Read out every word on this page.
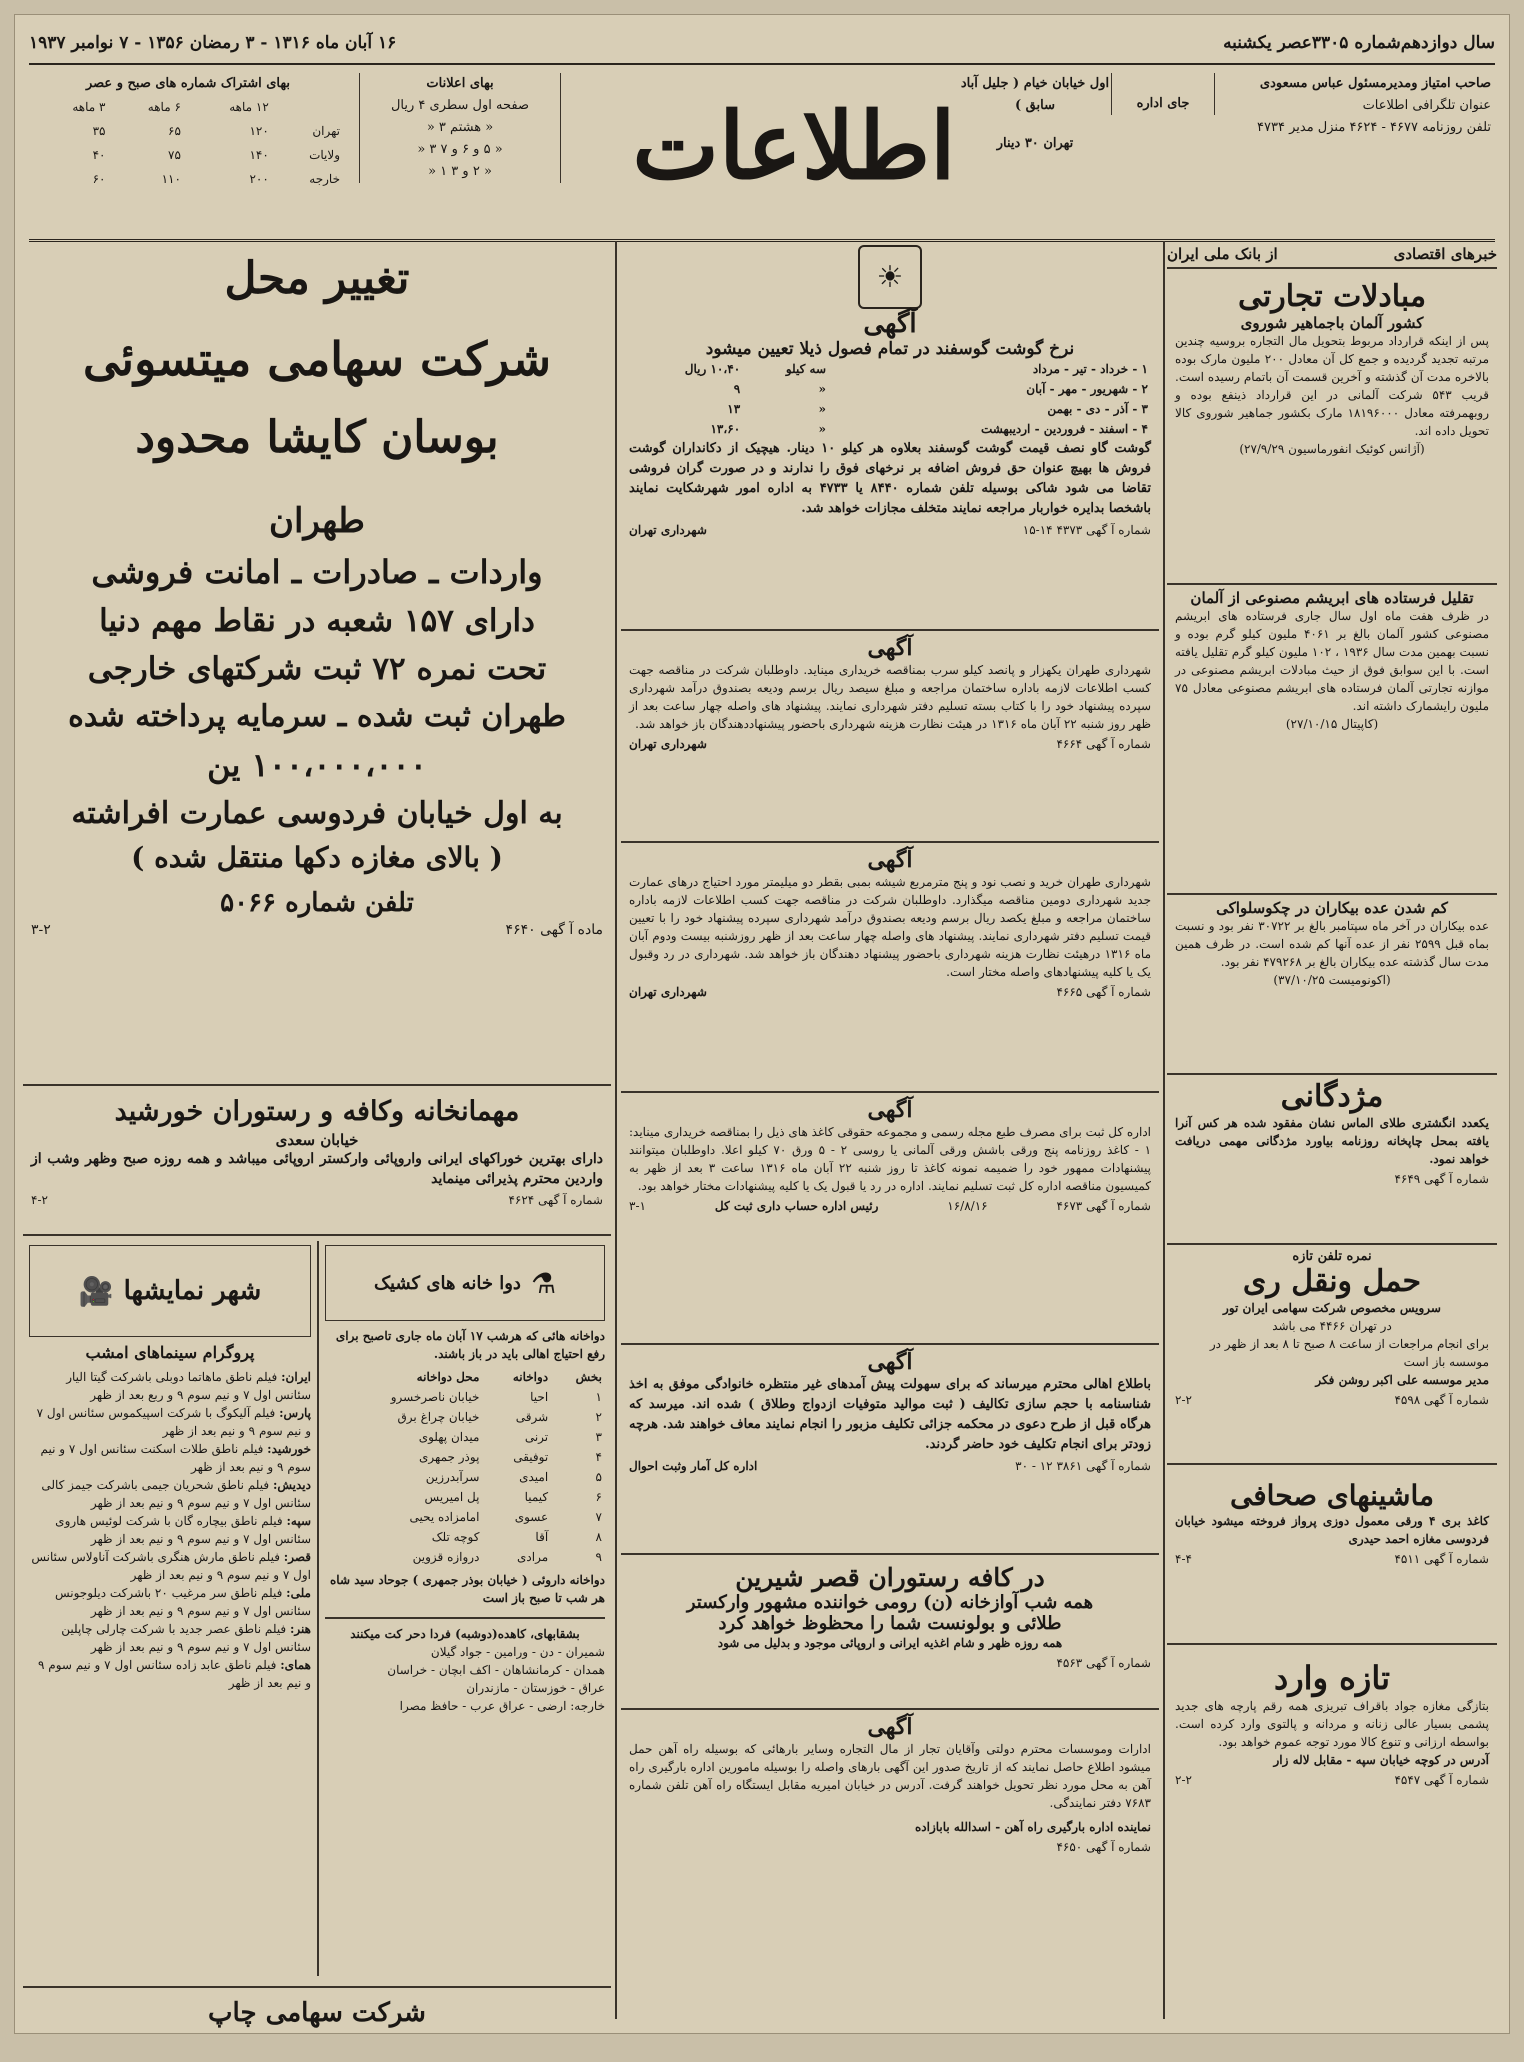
سال دوازدهم
شماره ۳۳۰۵
عصر یکشنبه
۱۶ آبان ماه ۱۳۱۶ - ۳ رمضان ۱۳۵۶ - ۷ نوامبر ۱۹۳۷
صاحب امتیاز ومدیرمسئول عباس مسعودی
عنوان تلگرافی اطلاعات
تلفن روزنامه ۴۶۷۷ - ۴۶۲۴ منزل مدیر ۴۷۳۴
جای اداره
اول خیابان خیام ( جلیل آباد سابق )
تهران ۳۰ دینار
اطلاعات
بهای اعلانات
صفحه اول سطری ۴ ریال
« هشتم ۳ «
« ۵ و ۶ و ۷ ۳ «
« ۲ و ۳ ۱ «
بهای اشتراک شماره های صبح و عصر
	۱۲ ماهه	۶ ماهه	۳ ماهه
تهران	۱۲۰	۶۵	۳۵
ولایات	۱۴۰	۷۵	۴۰
خارجه	۲۰۰	۱۱۰	۶۰
تغییر محل
شرکت سهامی میتسوئی
بوسان کایشا محدود
طهران
واردات ـ صادرات ـ امانت فروشی
دارای ۱۵۷ شعبه در نقاط مهم دنیا
تحت نمره ۷۲ ثبت شرکتهای خارجی
طهران ثبت شده ـ سرمایه پرداخته شده
۱۰۰،۰۰۰،۰۰۰ ین
به اول خیابان فردوسی عمارت افراشته
( بالای مغازه دکها منتقل شده )
تلفن شماره ۵۰۶۶
ماده آ گهی ۴۶۴۰
۳-۲
مهمانخانه وکافه و رستوران خورشید
خیابان سعدی
دارای بهترین خوراکهای ایرانی واروپائی وارکستر اروپائی میباشد و همه روزه صبح وظهر وشب از واردین محترم پذیرائی مینماید
شماره آ گهی ۴۶۲۴
۴-۲
⚗
دوا خانه های کشیک
دواخانه هائی که هرشب ۱۷ آبان ماه جاری تاصبح برای رفع احتیاج اهالی باید در باز باشند.
بخش	دواخانه	محل دواخانه
۱	احیا	خیابان ناصرخسرو
۲	شرقی	خیابان چراغ برق
۳	ترنی	میدان پهلوی
۴	توفیقی	پوذر جمهری
۵	امیدی	سرآبدرزین
۶	کیمیا	پل امیریس
۷	عسوی	امامزاده یحیی
۸	آقا	کوچه تلک
۹	مرادی	دروازه قزوین
دواخانه داروئی ( خیابان بوذر جمهری ) جوحاد سید شاه هر شب تا صبح باز است
بشقابهای، کاهده(دوشبه) فردا دحر کت میکنند
شمیران - دن - ورامین - جواد گیلان
همدان - کرمانشاهان - اکف ابچان - خراسان
عراق - خوزستان - مازندران
خارجه: ارضی - عراق عرب - حافظ مصرا
شهر نمایشها
🎥
پروگرام سینماهای امشب
ایران: فیلم ناطق ماهاتما دوبلی باشرکت گیتا الیار سئانس اول ۷ و نیم سوم ۹ و ربع بعد از ظهر
پارس: فیلم آلیکوگ با شرکت اسپیکموس سئانس اول ۷ و نیم سوم ۹ و نیم بعد از ظهر
خورشید: فیلم ناطق طلات اسکنت سئانس اول ۷ و نیم سوم ۹ و نیم بعد از ظهر
دیدیش: فیلم ناطق شحریان جیمی باشرکت جیمز کالی سئانس اول ۷ و نیم سوم ۹ و نیم بعد از ظهر
سپه: فیلم ناطق بیچاره گان با شرکت لوئیس هاروی سئانس اول ۷ و نیم سوم ۹ و نیم بعد از ظهر
قصر: فیلم ناطق مارش هنگری باشرکت آناولاس سئانس اول ۷ و نیم سوم ۹ و نیم بعد از ظهر
ملی: فیلم ناطق سر مرغیب ۲۰ باشرکت دیلوجونس سئانس اول ۷ و نیم سوم ۹ و نیم بعد از ظهر
هنر: فیلم ناطق عصر جدید با شرکت چارلی چاپلین سئانس اول ۷ و نیم سوم ۹ و نیم بعد از ظهر
همای: فیلم ناطق عابد زاده سئانس اول ۷ و نیم سوم ۹ و نیم بعد از ظهر
شرکت سهامی چاپ
☀
آگهی
نرخ گوشت گوسفند در تمام فصول ذیلا تعیین میشود
۱ - خرداد - تیر - مرداد	سه کیلو	۱۰،۴۰ ریال
۲ - شهریور - مهر - آبان	«	۹
۳ - آذر - دی - بهمن	«	۱۳
۴ - اسفند - فروردین - اردیبهشت	«	۱۳،۶۰
گوشت گاو نصف قیمت گوشت گوسفند بعلاوه هر کیلو ۱۰ دینار. هیچیک از دکانداران گوشت فروش ها بهیچ عنوان حق فروش اضافه بر نرخهای فوق را ندارند و در صورت گران فروشی تقاضا می شود شاکی بوسیله تلفن شماره ۸۴۴۰ یا ۴۷۳۳ به اداره امور شهرشکایت نمایند باشخصا بدایره خواربار مراجعه نمایند متخلف مجازات خواهد شد.
شماره آ گهی ۴۳۷۳ ۱۴-۱۵
شهرداری تهران
آگهی
شهرداری طهران یکهزار و پانصد کیلو سرب بمناقصه خریداری میناید. داوطلبان شرکت در مناقصه جهت کسب اطلاعات لازمه باداره ساختمان مراجعه و مبلغ سیصد ریال برسم ودیعه بصندوق درآمد شهرداری سپرده پیشنهاد خود را با کتاب بسته تسلیم دفتر شهرداری نمایند. پیشنهاد های واصله چهار ساعت بعد از ظهر روز شنبه ۲۲ آبان ماه ۱۳۱۶ در هیئت نظارت هزینه شهرداری باحضور پیشنهاددهندگان باز خواهد شد.
شماره آ گهی ۴۶۶۴
شهرداری تهران
آگهی
شهرداری طهران خرید و نصب نود و پنج مترمربع شیشه بمبی بقطر دو میلیمتر مورد احتیاج درهای عمارت جدید شهرداری دومین مناقصه میگذارد. داوطلبان شرکت در مناقصه جهت کسب اطلاعات لازمه باداره ساختمان مراجعه و مبلغ یکصد ریال برسم ودیعه بصندوق درآمد شهرداری سپرده پیشنهاد خود را با تعیین قیمت تسلیم دفتر شهرداری نمایند. پیشنهاد های واصله چهار ساعت بعد از ظهر روزشنبه بیست ودوم آبان ماه ۱۳۱۶ درهیئت نظارت هزینه شهرداری باحضور پیشنهاد دهندگان باز خواهد شد. شهرداری در رد وقبول یک یا کلیه پیشنهادهای واصله مختار است.
شماره آ گهی ۴۶۶۵
شهرداری تهران
آگهی
اداره کل ثبت برای مصرف طبع مجله رسمی و مجموعه حقوقی کاغذ های ذیل را بمناقصه خریداری میناید: ۱ - کاغذ روزنامه پنج ورقی باشش ورقی آلمانی یا روسی ۲ - ۵ ورق ۷۰ کیلو اعلا. داوطلبان میتوانند پیشنهادات ممهور خود را ضمیمه نمونه کاغذ تا روز شنبه ۲۲ آبان ماه ۱۳۱۶ ساعت ۳ بعد از ظهر به کمیسیون مناقصه اداره کل ثبت تسلیم نمایند. اداره در رد یا قبول یک یا کلیه پیشنهادات مختار خواهد بود.
شماره آ گهی ۴۶۷۳
۱۶/۸/۱۶
رئیس اداره حساب داری ثبت کل
۳-۱
آگهی
باطلاع اهالی محترم میرساند که برای سهولت پیش آمدهای غیر منتظره خانوادگی موفق به اخذ شناسنامه با حجم سازی تکالیف ( ثبت موالید متوفیات ازدواج وطلاق ) شده اند. میرسد که هرگاه قبل از طرح دعوی در محکمه جزائی تکلیف مزبور را انجام نمایند معاف خواهند شد. هرچه زودتر برای انجام تکلیف خود حاضر گردند.
شماره آ گهی ۳۸۶۱ ۱۲ - ۳۰
اداره کل آمار وثبت احوال
در کافه رستوران قصر شیرین
همه شب آوازخانه (ن) رومی خواننده مشهور وارکستر
طلائی و بولونست شما را محظوظ خواهد کرد
همه روزه ظهر و شام اغذیه ایرانی و اروپائی موجود و بدلیل می شود
شماره آ گهی ۴۵۶۳
آگهی
ادارات وموسسات محترم دولتی وآقایان تجار از مال التجاره وسایر بارهائی که بوسیله راه آهن حمل میشود اطلاع حاصل نمایند که از تاریخ صدور این آگهی بارهای واصله را بوسیله مامورین اداره بارگیری راه آهن به محل مورد نظر تحویل خواهند گرفت. آدرس در خیابان امیریه مقابل ایستگاه راه آهن تلفن شماره ۷۶۸۳ دفتر نمایندگی.
نماینده اداره بارگیری راه آهن - اسدالله بابازاده
شماره آ گهی ۴۶۵۰
خبرهای اقتصادی
از بانک ملی ایران
مبادلات تجارتی
کشور آلمان باجماهیر شوروی
پس از اینکه قرارداد مربوط بتحویل مال التجاره بروسیه چندین مرتبه تجدید گردیده و جمع کل آن معادل ۲۰۰ ملیون مارک بوده بالاخره مدت آن گذشته و آخرین قسمت آن باتمام رسیده است. قریب ۵۴۳ شرکت آلمانی در این قرارداد ذینفع بوده و روبهمرفته معادل ۱۸۱۹۶۰۰۰ مارک بکشور جماهیر شوروی کالا تحویل داده اند.
(آژانس کوئیک انفورماسیون ۲۷/۹/۲۹)
تقلیل فرستاده های ابریشم مصنوعی از آلمان
در ظرف هفت ماه اول سال جاری فرستاده های ابریشم مصنوعی کشور آلمان بالغ بر ۴۰۶۱ ملیون کیلو گرم بوده و نسبت بهمین مدت سال ۱۹۳۶ ، ۱۰۲ ملیون کیلو گرم تقلیل یافته است. با این سوابق فوق از حیث مبادلات ابریشم مصنوعی در موازنه تجارتی آلمان فرستاده های ابریشم مصنوعی معادل ۷۵ ملیون رایشمارک داشته اند.
(کاپیتال ۲۷/۱۰/۱۵)
کم شدن عده بیکاران در چکوسلواکی
عده بیکاران در آخر ماه سپتامبر بالغ بر ۳۰۷۲۲ نفر بود و نسبت بماه قبل ۲۵۹۹ نفر از عده آنها کم شده است. در ظرف همین مدت سال گذشته عده بیکاران بالغ بر ۴۷۹۲۶۸ نفر بود.
(اکونومیست ۳۷/۱۰/۲۵)
مژدگانی
یکعدد انگشتری طلای الماس نشان مفقود شده هر کس آنرا یافته بمحل چاپخانه روزنامه بیاورد مژدگانی مهمی دریافت خواهد نمود.
شماره آ گهی ۴۶۴۹
نمره تلفن تازه
حمل ونقل ری
سرویس مخصوص شرکت سهامی ایران تور
در تهران ۴۴۶۶ می باشد
برای انجام مراجعات از ساعت ۸ صبح تا ۸ بعد از ظهر در موسسه باز است
مدیر موسسه علی اکبر روشن فکر
شماره آ گهی ۴۵۹۸
۲-۲
ماشینهای صحافی
کاغذ بری ۴ ورقی معمول دوزی پرواز فروخته میشود خیابان فردوسی مغازه احمد حیدری
شماره آ گهی ۴۵۱۱
۴-۴
تازه وارد
بتازگی مغازه جواد باقراف تبریزی همه رقم پارچه های جدید پشمی بسیار عالی زنانه و مردانه و پالتوی وارد کرده است. بواسطه ارزانی و تنوع کالا مورد توجه عموم خواهد بود.
آدرس در کوچه خیابان سپه - مقابل لاله زار
شماره آ گهی ۴۵۴۷
۲-۲
